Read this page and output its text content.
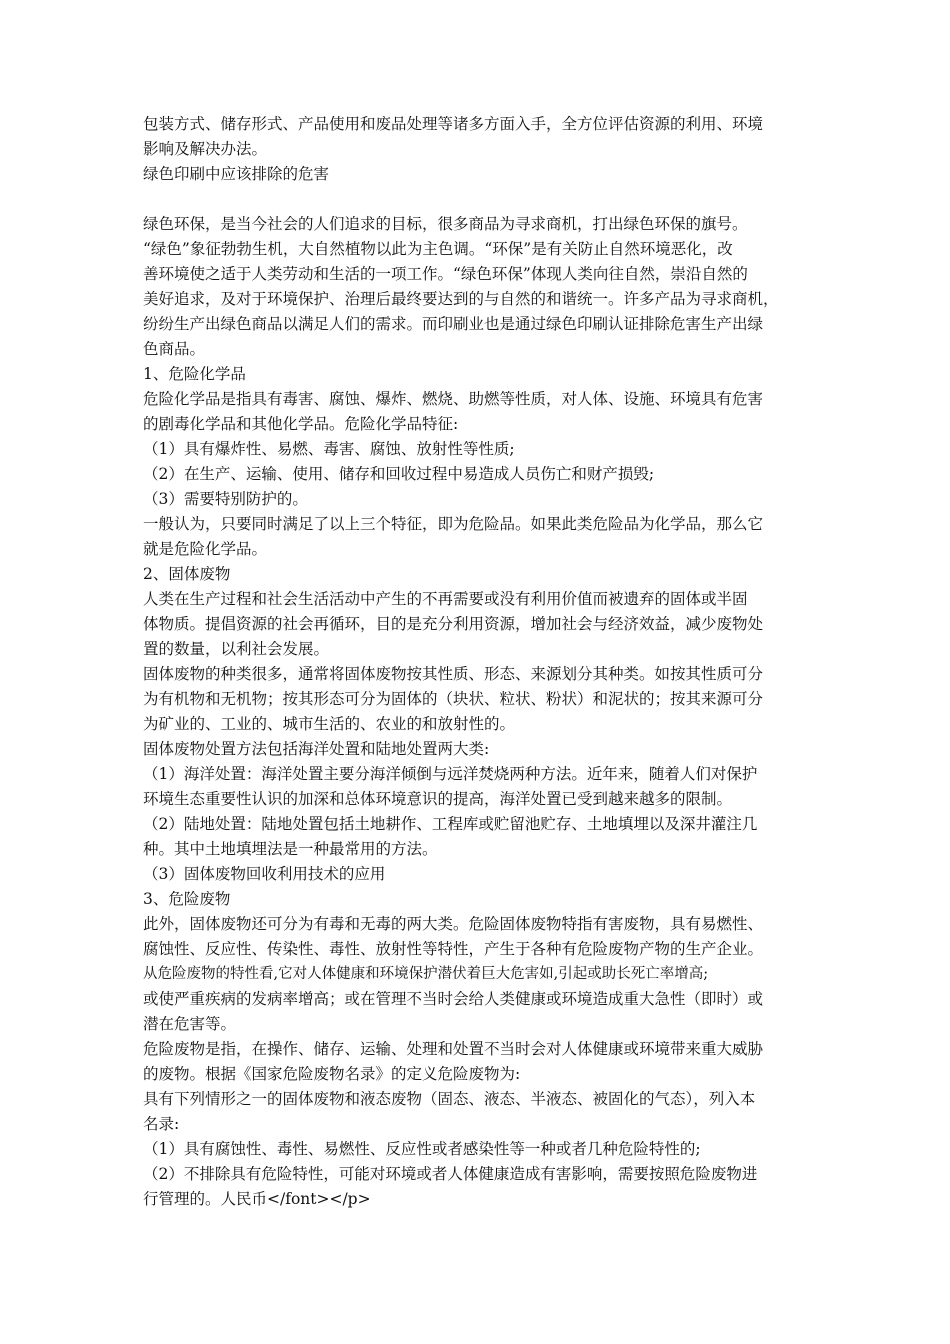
包装方式、储存形式、产品使用和废品处理等诸多方面入手，全方位评估资源的利用、环境
影响及解决办法。
绿色印刷中应该排除的危害
绿色环保，是当今社会的人们追求的目标，很多商品为寻求商机，打出绿色环保的旗号。
“绿色”象征勃勃生机，大自然植物以此为主色调。“环保”是有关防止自然环境恶化，改
善环境使之适于人类劳动和生活的一项工作。“绿色环保”体现人类向往自然，崇沿自然的
美好追求，及对于环境保护、治理后最终要达到的与自然的和谐统一。许多产品为寻求商机，
纷纷生产出绿色商品以满足人们的需求。而印刷业也是通过绿色印刷认证排除危害生产出绿
色商品。
1、危险化学品
危险化学品是指具有毒害、腐蚀、爆炸、燃烧、助燃等性质，对人体、设施、环境具有危害
的剧毒化学品和其他化学品。危险化学品特征:
（1）具有爆炸性、易燃、毒害、腐蚀、放射性等性质;
（2）在生产、运输、使用、储存和回收过程中易造成人员伤亡和财产损毁;
（3）需要特别防护的。
一般认为，只要同时满足了以上三个特征，即为危险品。如果此类危险品为化学品，那么它
就是危险化学品。
2、固体废物
人类在生产过程和社会生活活动中产生的不再需要或没有利用价值而被遗弃的固体或半固
体物质。提倡资源的社会再循环，目的是充分利用资源，增加社会与经济效益，减少废物处
置的数量，以利社会发展。
固体废物的种类很多，通常将固体废物按其性质、形态、来源划分其种类。如按其性质可分
为有机物和无机物；按其形态可分为固体的（块状、粒状、粉状）和泥状的；按其来源可分
为矿业的、工业的、城市生活的、农业的和放射性的。
固体废物处置方法包括海洋处置和陆地处置两大类:
（1）海洋处置：海洋处置主要分海洋倾倒与远洋焚烧两种方法。近年来，随着人们对保护
环境生态重要性认识的加深和总体环境意识的提高，海洋处置已受到越来越多的限制。
（2）陆地处置：陆地处置包括土地耕作、工程库或贮留池贮存、土地填埋以及深井灌注几
种。其中土地填埋法是一种最常用的方法。
（3）固体废物回收利用技术的应用
3、危险废物
此外，固体废物还可分为有毒和无毒的两大类。危险固体废物特指有害废物，具有易燃性、
腐蚀性、反应性、传染性、毒性、放射性等特性，产生于各种有危险废物产物的生产企业。
从危险废物的特性看,它对人体健康和环境保护潜伏着巨大危害如,引起或助长死亡率增高;
或使严重疾病的发病率增高；或在管理不当时会给人类健康或环境造成重大急性（即时）或
潜在危害等。
危险废物是指，在操作、储存、运输、处理和处置不当时会对人体健康或环境带来重大威胁
的废物。根据《国家危险废物名录》的定义危险废物为:
具有下列情形之一的固体废物和液态废物（固态、液态、半液态、被固化的气态），列入本
名录:
（1）具有腐蚀性、毒性、易燃性、反应性或者感染性等一种或者几种危险特性的;
（2）不排除具有危险特性，可能对环境或者人体健康造成有害影响，需要按照危险废物进
行管理的。人民币</font></p>
